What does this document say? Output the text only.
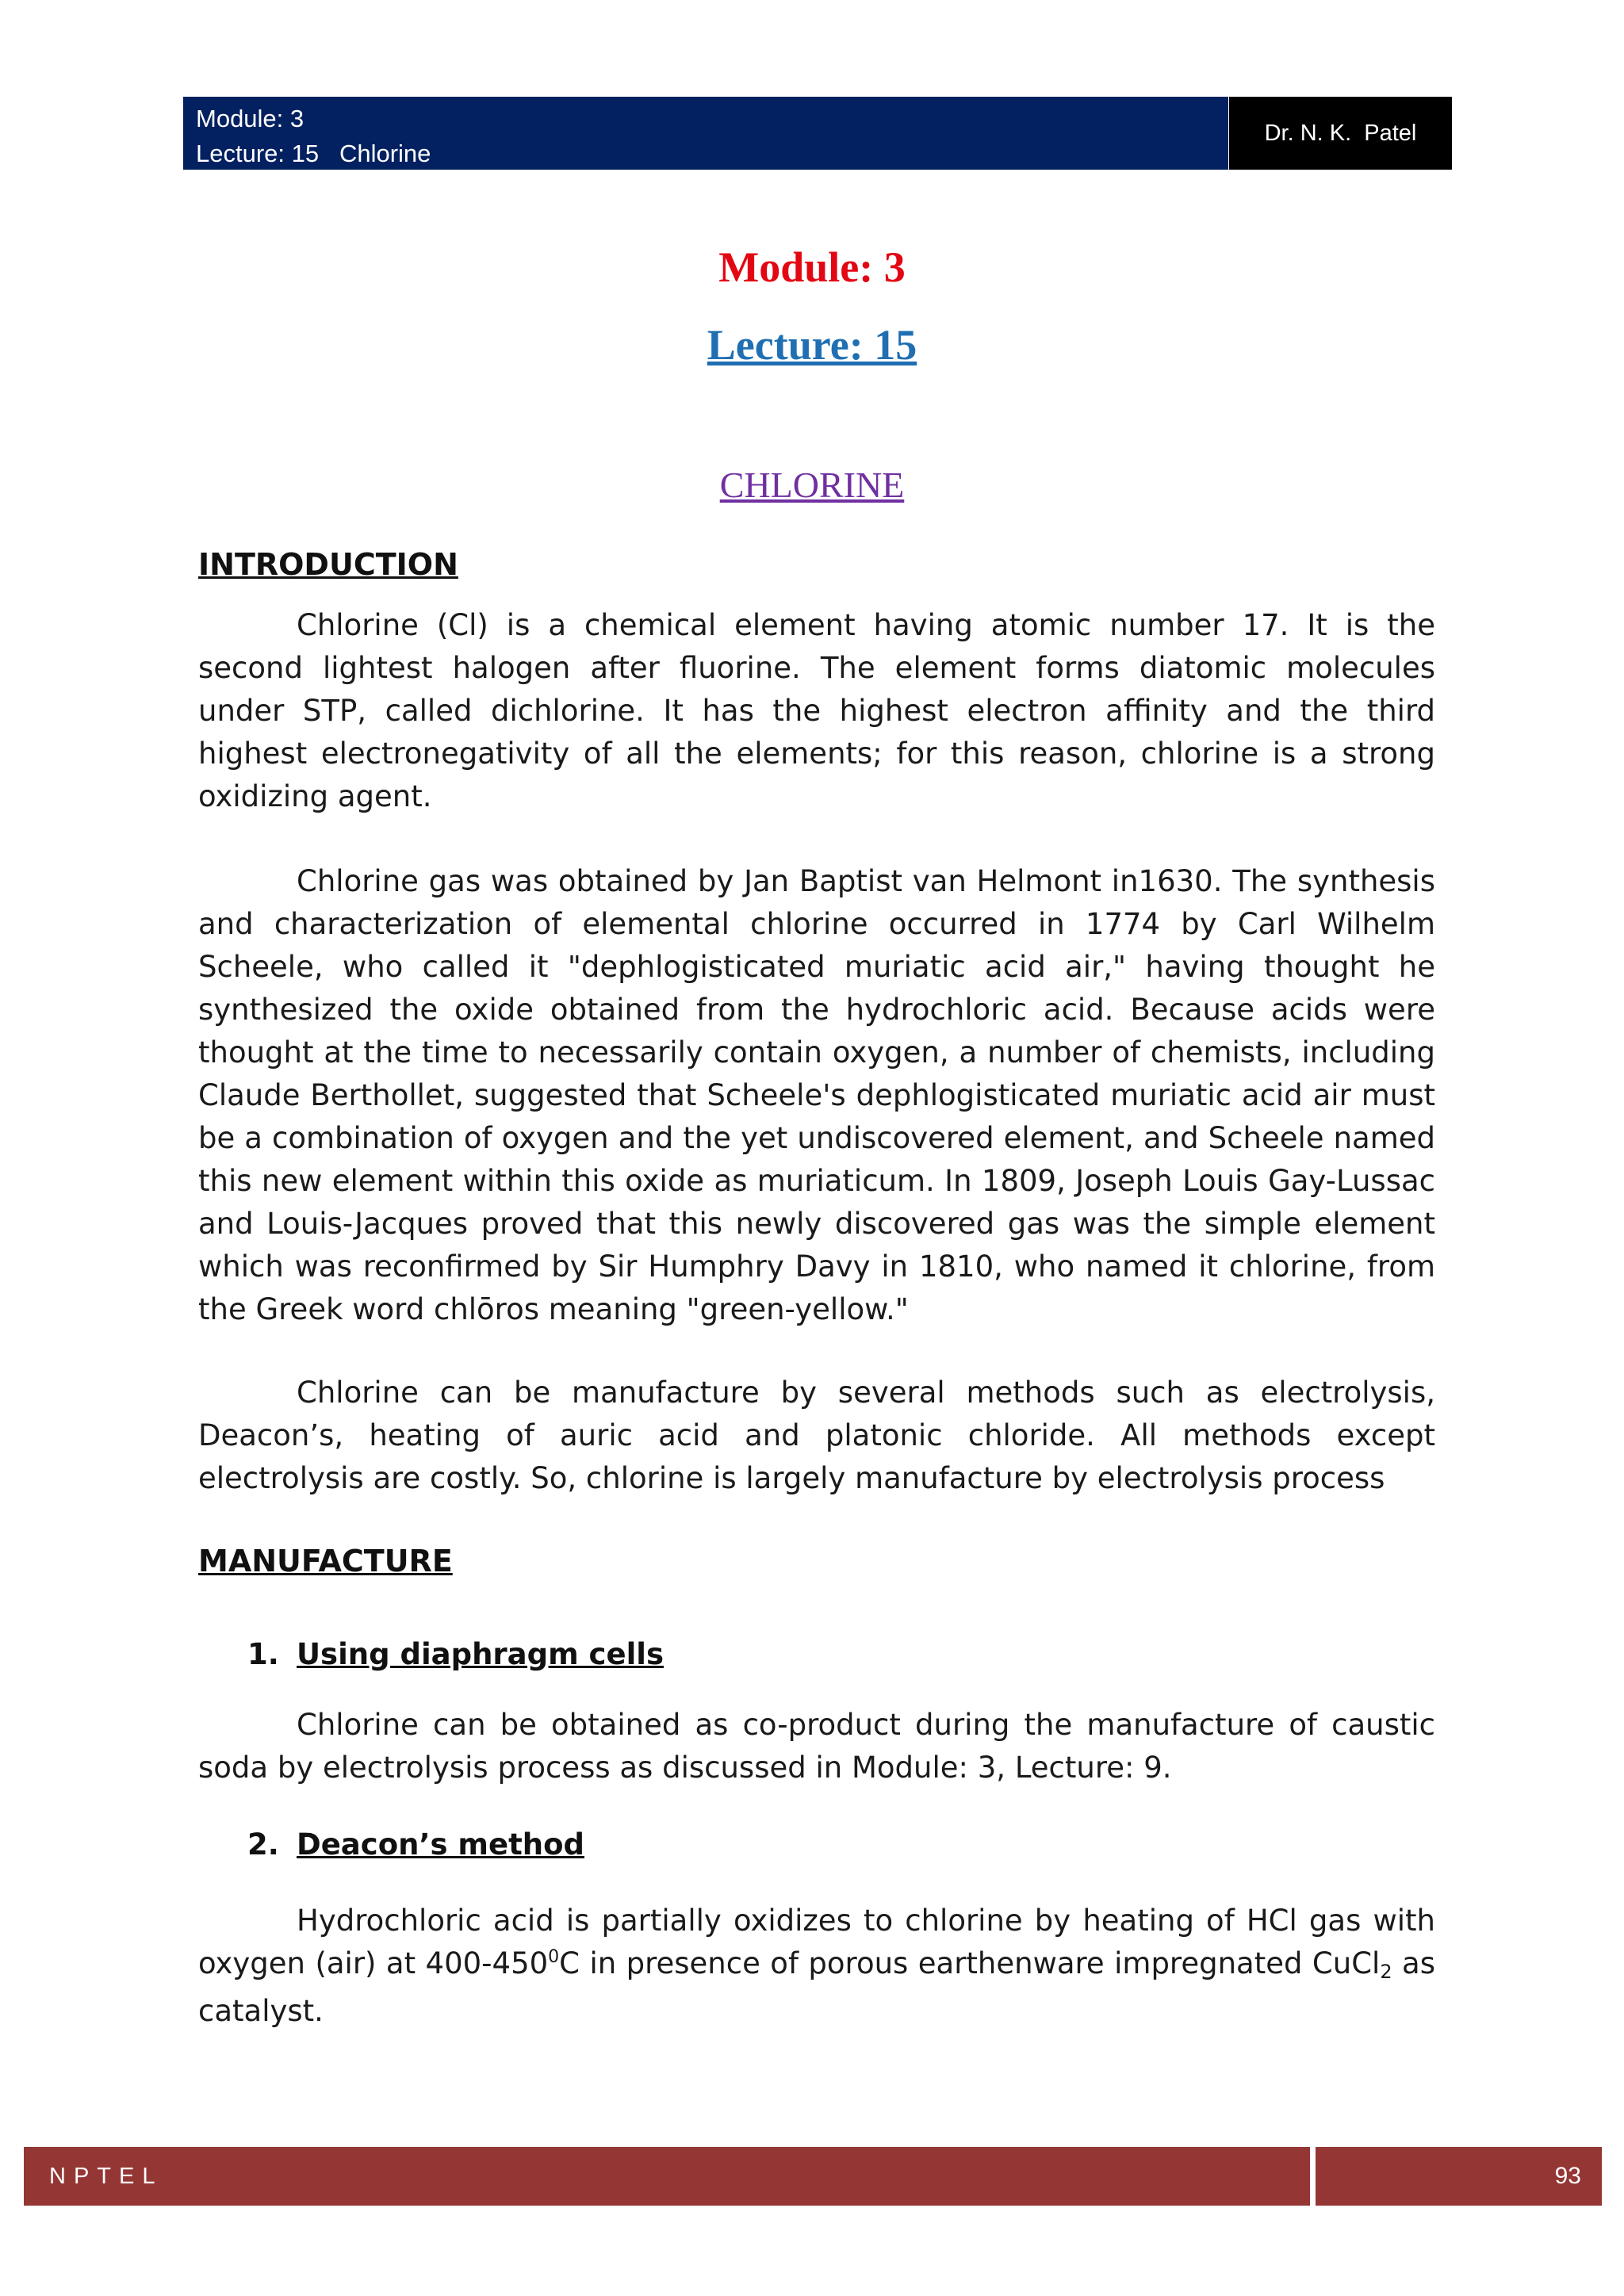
Module: 3
Lecture: 15   Chlorine
Dr. N. K.  Patel
Module: 3
Lecture: 15
CHLORINE
INTRODUCTION

Chlorine (Cl) is a chemical element having atomic number 17. It is the second lightest halogen after fluorine. The element forms diatomic molecules under STP, called dichlorine. It has the highest electron affinity and the third highest electronegativity of all the elements; for this reason, chlorine is a strong oxidizing agent.

Chlorine gas was obtained by Jan Baptist van Helmont in1630. The synthesis and characterization of elemental chlorine occurred in 1774 by Carl Wilhelm Scheele, who called it "dephlogisticated muriatic acid air," having thought he synthesized the oxide obtained from the hydrochloric acid. Because acids were thought at the time to necessarily contain oxygen, a number of chemists, including Claude Berthollet, suggested that Scheele's dephlogisticated muriatic acid air must be a combination of oxygen and the yet undiscovered element, and Scheele named this new element within this oxide as muriaticum. In 1809, Joseph Louis Gay-Lussac and Louis-Jacques proved that this newly discovered gas was the simple element which was reconfirmed by Sir Humphry Davy in 1810, who named it chlorine, from the Greek word chlōros meaning "green-yellow."

Chlorine can be manufacture by several methods such as electrolysis, Deacon’s, heating of auric acid and platonic chloride. All methods except electrolysis are costly. So, chlorine is largely manufacture by electrolysis process

MANUFACTURE
1. Using diaphragm cells

Chlorine can be obtained as co-product during the manufacture of caustic soda by electrolysis process as discussed in Module: 3, Lecture: 9.

2. Deacon’s method

Hydrochloric acid is partially oxidizes to chlorine by heating of HCl gas with oxygen (air) at $400-450^0C$ in presence of porous earthenware impregnated CuCl$_2$ as catalyst.

NPTEL	93
